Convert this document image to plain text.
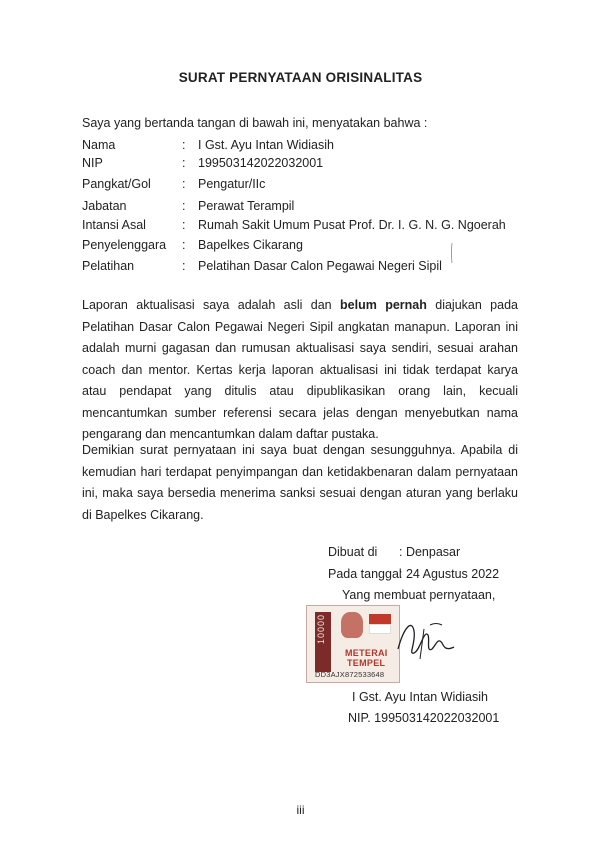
SURAT PERNYATAAN ORISINALITAS
Saya yang bertanda tangan di bawah ini, menyatakan bahwa :
Nama	: I Gst. Ayu Intan Widiasih
NIP	: 199503142022032001
Pangkat/Gol	: Pengatur/IIc
Jabatan	: Perawat Terampil
Intansi Asal	: Rumah Sakit Umum Pusat Prof. Dr. I. G. N. G. Ngoerah
Penyelenggara	: Bapelkes Cikarang
Pelatihan	: Pelatihan Dasar Calon Pegawai Negeri Sipil

Laporan aktualisasi saya adalah asli dan belum pernah diajukan pada Pelatihan Dasar Calon Pegawai Negeri Sipil angkatan manapun. Laporan ini adalah murni gagasan dan rumusan aktualisasi saya sendiri, sesuai arahan coach dan mentor. Kertas kerja laporan aktualisasi ini tidak terdapat karya atau pendapat yang ditulis atau dipublikasikan orang lain, kecuali mencantumkan sumber referensi secara jelas dengan menyebutkan nama pengarang dan mencantumkan dalam daftar pustaka.

Demikian surat pernyataan ini saya buat dengan sesungguhnya. Apabila di kemudian hari terdapat penyimpangan dan ketidakbenaran dalam pernyataan ini, maka saya bersedia menerima sanksi sesuai dengan aturan yang berlaku di Bapelkes Cikarang.

Dibuat di : Denpasar
Pada tanggal: 24 Agustus 2022
Yang membuat pernyataan,
10000
METERAI
TEMPEL
DD3AJX872533648
I Gst. Ayu Intan Widiasih
NIP. 199503142022032001
iii
